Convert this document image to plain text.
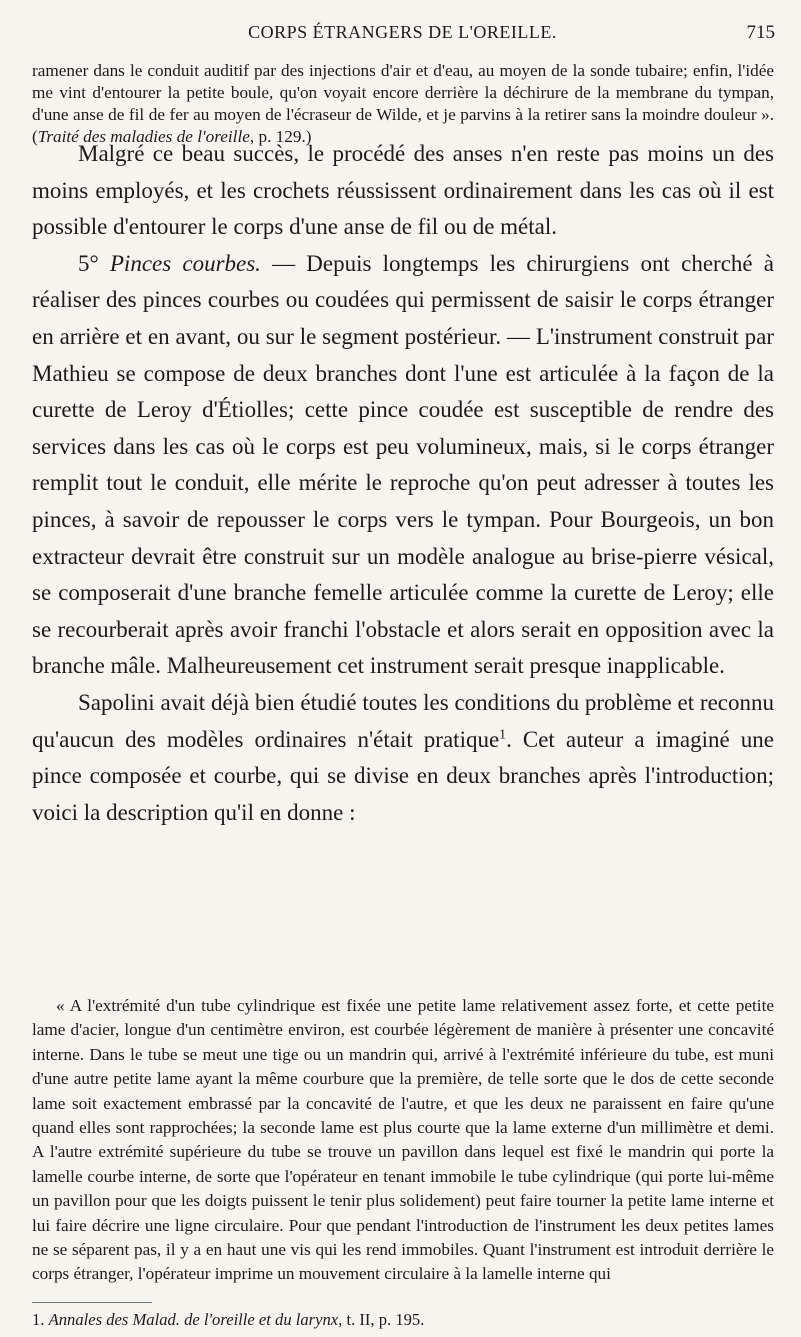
CORPS ÉTRANGERS DE L'OREILLE.	715
ramener dans le conduit auditif par des injections d'air et d'eau, au moyen de la sonde tubaire; enfin, l'idée me vint d'entourer la petite boule, qu'on voyait encore derrière la déchirure de la membrane du tympan, d'une anse de fil de fer au moyen de l'écraseur de Wilde, et je parvins à la retirer sans la moindre douleur ». (Traité des maladies de l'oreille, p. 129.)

Malgré ce beau succès, le procédé des anses n'en reste pas moins un des moins employés, et les crochets réussissent ordinairement dans les cas où il est possible d'entourer le corps d'une anse de fil ou de métal.

5° Pinces courbes. — Depuis longtemps les chirurgiens ont cherché à réaliser des pinces courbes ou coudées qui permissent de saisir le corps étranger en arrière et en avant, ou sur le segment postérieur. — L'instrument construit par Mathieu se compose de deux branches dont l'une est articulée à la façon de la curette de Leroy d'Étiolles; cette pince coudée est susceptible de rendre des services dans les cas où le corps est peu volumineux, mais, si le corps étranger remplit tout le conduit, elle mérite le reproche qu'on peut adresser à toutes les pinces, à savoir de repousser le corps vers le tympan. Pour Bourgeois, un bon extracteur devrait être construit sur un modèle analogue au brise-pierre vésical, se composerait d'une branche femelle articulée comme la curette de Leroy; elle se recourberait après avoir franchi l'obstacle et alors serait en opposition avec la branche mâle. Malheureusement cet instrument serait presque inapplicable.

Sapolini avait déjà bien étudié toutes les conditions du problème et reconnu qu'aucun des modèles ordinaires n'était pratique$^1$. Cet auteur a imaginé une pince composée et courbe, qui se divise en deux branches après l'introduction; voici la description qu'il en donne :

« A l'extrémité d'un tube cylindrique est fixée une petite lame relativement assez forte, et cette petite lame d'acier, longue d'un centimètre environ, est courbée légèrement de manière à présenter une concavité interne. Dans le tube se meut une tige ou un mandrin qui, arrivé à l'extrémité inférieure du tube, est muni d'une autre petite lame ayant la même courbure que la première, de telle sorte que le dos de cette seconde lame soit exactement embrassé par la concavité de l'autre, et que les deux ne paraissent en faire qu'une quand elles sont rapprochées; la seconde lame est plus courte que la lame externe d'un millimètre et demi. A l'autre extrémité supérieure du tube se trouve un pavillon dans lequel est fixé le mandrin qui porte la lamelle courbe interne, de sorte que l'opérateur en tenant immobile le tube cylindrique (qui porte lui-même un pavillon pour que les doigts puissent le tenir plus solidement) peut faire tourner la petite lame interne et lui faire décrire une ligne circulaire. Pour que pendant l'introduction de l'instrument les deux petites lames ne se séparent pas, il y a en haut une vis qui les rend immobiles. Quant l'instrument est introduit derrière le corps étranger, l'opérateur imprime un mouvement circulaire à la lamelle interne qui
1. Annales des Malad. de l'oreille et du larynx, t. II, p. 195.
